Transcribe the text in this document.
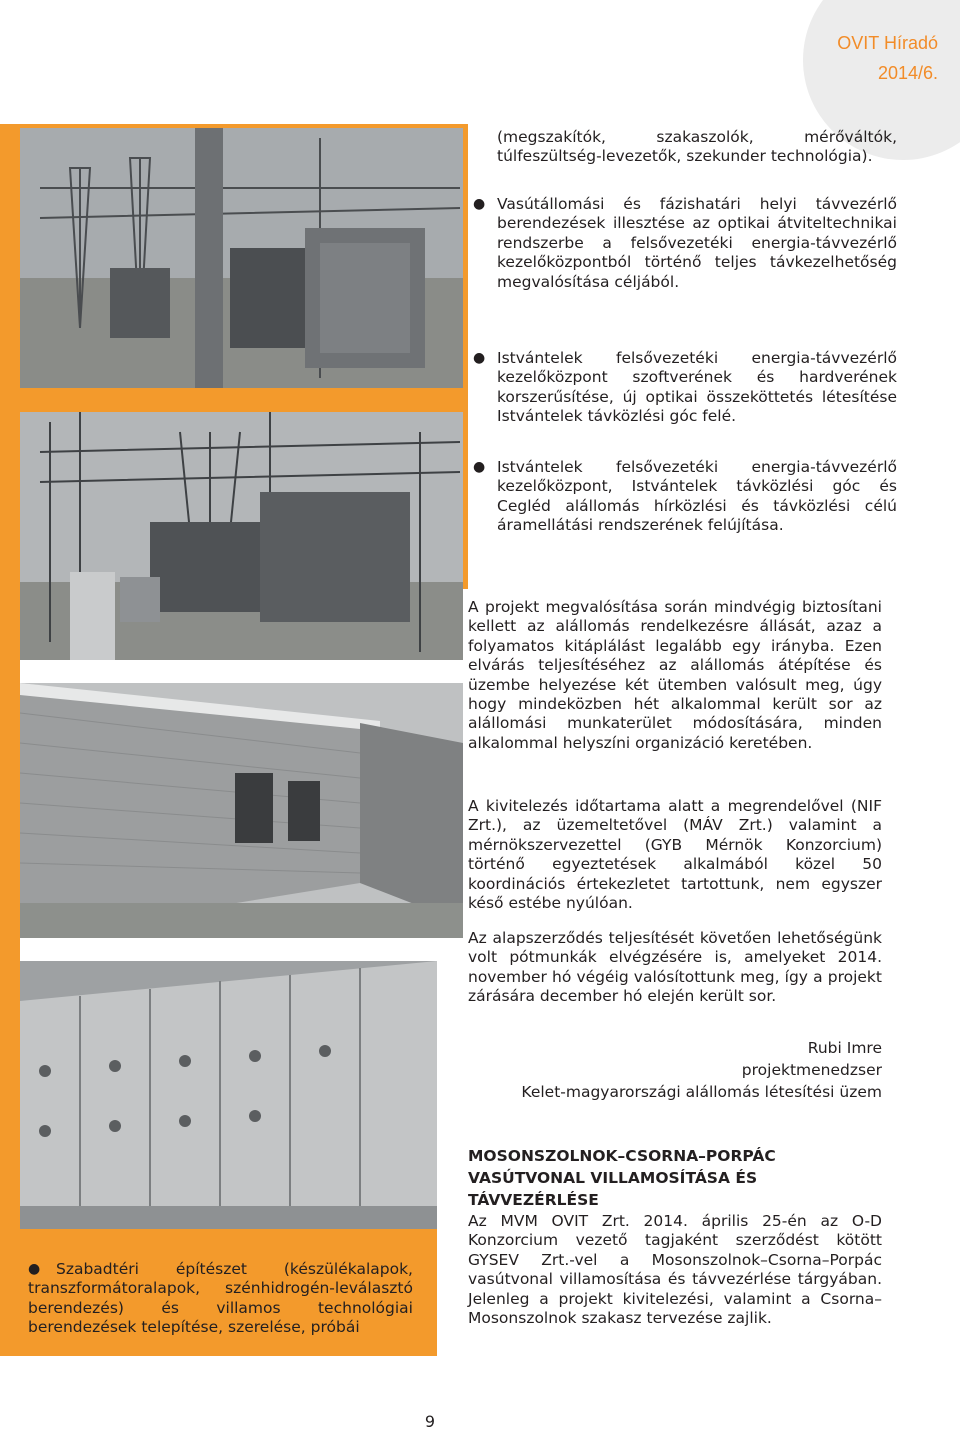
OVIT Híradó
2014/6.

(megszakítók, szakaszolók, mérőváltók, túlfeszültség-levezetők, szekunder technológia).

● Vasútállomási és fázishatári helyi távvezérlő berendezések illesztése az optikai átviteltechnikai rendszerbe a felsővezetéki energia-távvezérlő kezelőközpontból történő teljes távkezelhetőség megvalósítása céljából.
● Istvántelek felsővezetéki energia-távvezérlő kezelőközpont szoftverének és hardverének korszerűsítése, új optikai összeköttetés létesítése Istvántelek távközlési góc felé.
● Istvántelek felsővezetéki energia-távvezérlő kezelőközpont, Istvántelek távközlési góc és Cegléd alállomás hírközlési és távközlési célú áramellátási rendszerének felújítása.

A projekt megvalósítása során mindvégig biztosítani kellett az alállomás rendelkezésre állását, azaz a folyamatos kitáplálást legalább egy irányba. Ezen elvárás teljesítéséhez az alállomás átépítése és üzembe helyezése két ütemben valósult meg, úgy hogy mindeközben hét alkalommal került sor az alállomási munkaterület módosítására, minden alkalommal helyszíni organizáció keretében.

A kivitelezés időtartama alatt a megrendelővel (NIF Zrt.), az üzemeltetővel (MÁV Zrt.) valamint a mérnökszervezettel (GYB Mérnök Konzorcium) történő egyeztetések alkalmából közel 50 koordinációs értekezletet tartottunk, nem egyszer késő estébe nyúlóan.

Az alapszerződés teljesítését követően lehetőségünk volt pótmunkák elvégzésére is, amelyeket 2014. november hó végéig valósítottunk meg, így a projekt zárására december hó elején került sor.

Rubi Imre
projektmenedzser
Kelet-magyarországi alállomás létesítési üzem
MOSONSZOLNOK–CSORNA–PORPÁC
VASÚTVONAL VILLAMOSÍTÁSA ÉS TÁVVEZÉRLÉSE

Az MVM OVIT Zrt. 2014. április 25-én az O-D Konzorcium vezető tagjaként szerződést kötött GYSEV Zrt.-vel a Mosonszolnok–Csorna–Porpác vasútvonal villamosítása és távvezérlése tárgyában. Jelenleg a projekt kivitelezési, valamint a Csorna–Mosonszolnok szakasz tervezése zajlik.

●	Szabadtéri építészet (készülékalapok, transzformátoralapok, szénhidrogén-leválasztó berendezés) és villamos technológiai berendezések telepítése, szerelése, próbái
9
